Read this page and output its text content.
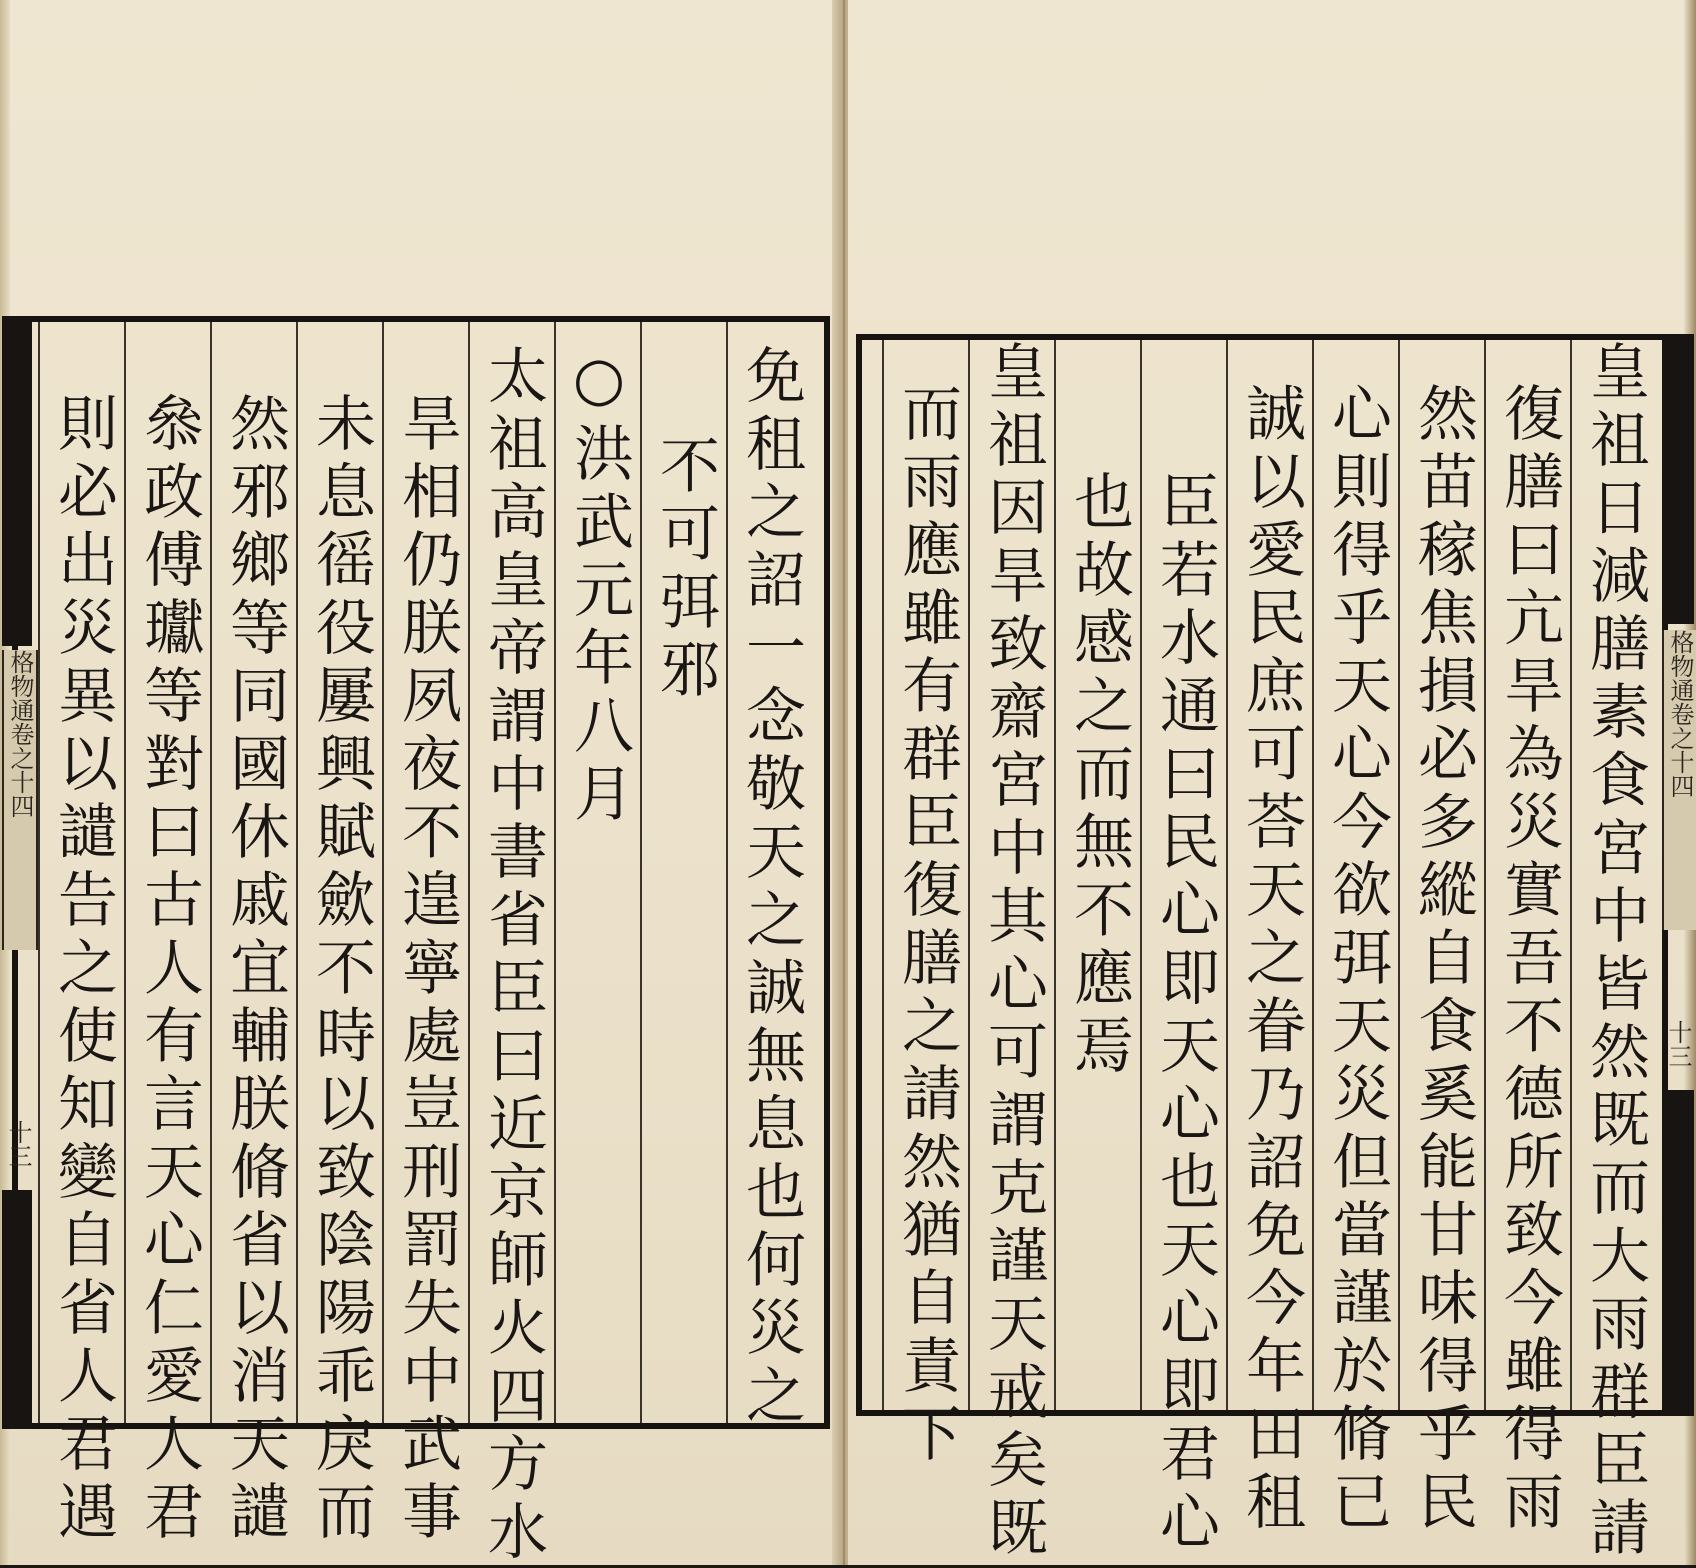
免租之詔一念敬天之誠無息也何災之
不可弭邪
○洪武元年八月
太祖高皇帝謂中書省臣曰近京師火四方水
旱相仍朕夙夜不遑寧處豈刑罰失中武事
未息徭役屢興賦歛不時以致陰陽乖戾而
然邪鄉等同國休戚宜輔朕脩省以消天譴
叅政傅瓛等對曰古人有言天心仁愛人君
則必出災異以譴告之使知變自省人君遇
格物通卷之十四
十三	皇祖日減膳素食宮中皆然既而大雨群臣請
復膳曰亢旱為災實吾不德所致今雖得雨
然苗稼焦損必多縱自食奚能甘味得乎民
心則得乎天心今欲弭天災但當謹於脩已
誠以愛民庶可荅天之眷乃詔免今年田租
臣若水通曰民心即天心也天心即君心
也故感之而無不應焉
皇祖因旱致齋宮中其心可謂克謹天戒矣既
而雨應雖有群臣復膳之請然猶自責下	格物通卷之十四
十三
